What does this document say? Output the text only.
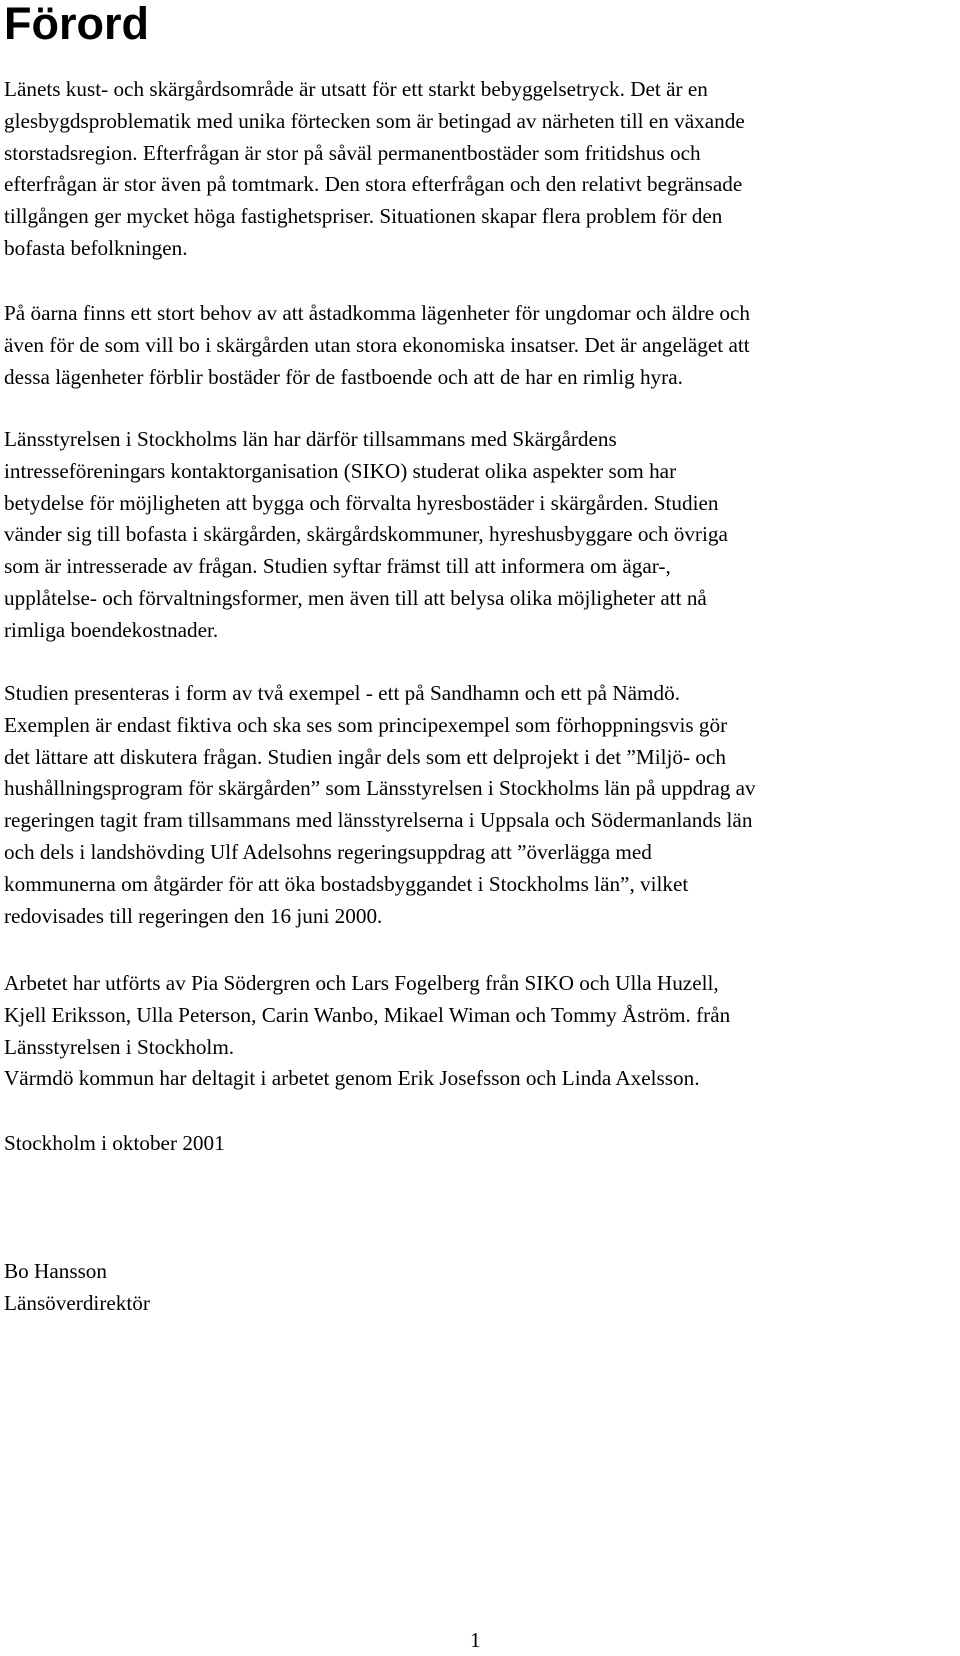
Förord
Länets kust- och skärgårdsområde är utsatt för ett starkt bebyggelsetryck. Det är en
glesbygdsproblematik med unika förtecken som är betingad av närheten till en växande
storstadsregion. Efterfrågan är stor på såväl permanentbostäder som fritidshus och
efterfrågan är stor även på tomtmark. Den stora efterfrågan och den relativt begränsade
tillgången ger mycket höga fastighetspriser. Situationen skapar flera problem för den
bofasta befolkningen.
På öarna finns ett stort behov av att åstadkomma lägenheter för ungdomar och äldre och
även för de som vill bo i skärgården utan stora ekonomiska insatser. Det är angeläget att
dessa lägenheter förblir bostäder för de fastboende och att de har en rimlig hyra.
Länsstyrelsen i Stockholms län har därför tillsammans med Skärgårdens
intresseföreningars kontaktorganisation (SIKO) studerat olika aspekter som har
betydelse för möjligheten att bygga och förvalta hyresbostäder i skärgården. Studien
vänder sig till bofasta i skärgården, skärgårdskommuner, hyreshusbyggare och övriga
som är intresserade av frågan. Studien syftar främst till att informera om ägar-,
upplåtelse- och förvaltningsformer, men även till att belysa olika möjligheter att nå
rimliga boendekostnader.
Studien presenteras i form av två exempel - ett på Sandhamn och ett på Nämdö.
Exemplen är endast fiktiva och ska ses som principexempel som förhoppningsvis gör
det lättare att diskutera frågan. Studien ingår dels som ett delprojekt i det ”Miljö- och
hushållningsprogram för skärgården” som Länsstyrelsen i Stockholms län på uppdrag av
regeringen tagit fram tillsammans med länsstyrelserna i Uppsala och Södermanlands län
och dels i landshövding Ulf Adelsohns regeringsuppdrag att ”överlägga med
kommunerna om åtgärder för att öka bostadsbyggandet i Stockholms län”, vilket
redovisades till regeringen den 16 juni 2000.
Arbetet har utförts av Pia Södergren och Lars Fogelberg från SIKO och Ulla Huzell,
Kjell Eriksson, Ulla Peterson, Carin Wanbo, Mikael Wiman och Tommy Åström. från
Länsstyrelsen i Stockholm.
Värmdö kommun har deltagit i arbetet genom Erik Josefsson och Linda Axelsson.
Stockholm i oktober 2001
Bo Hansson
Länsöverdirektör
1
